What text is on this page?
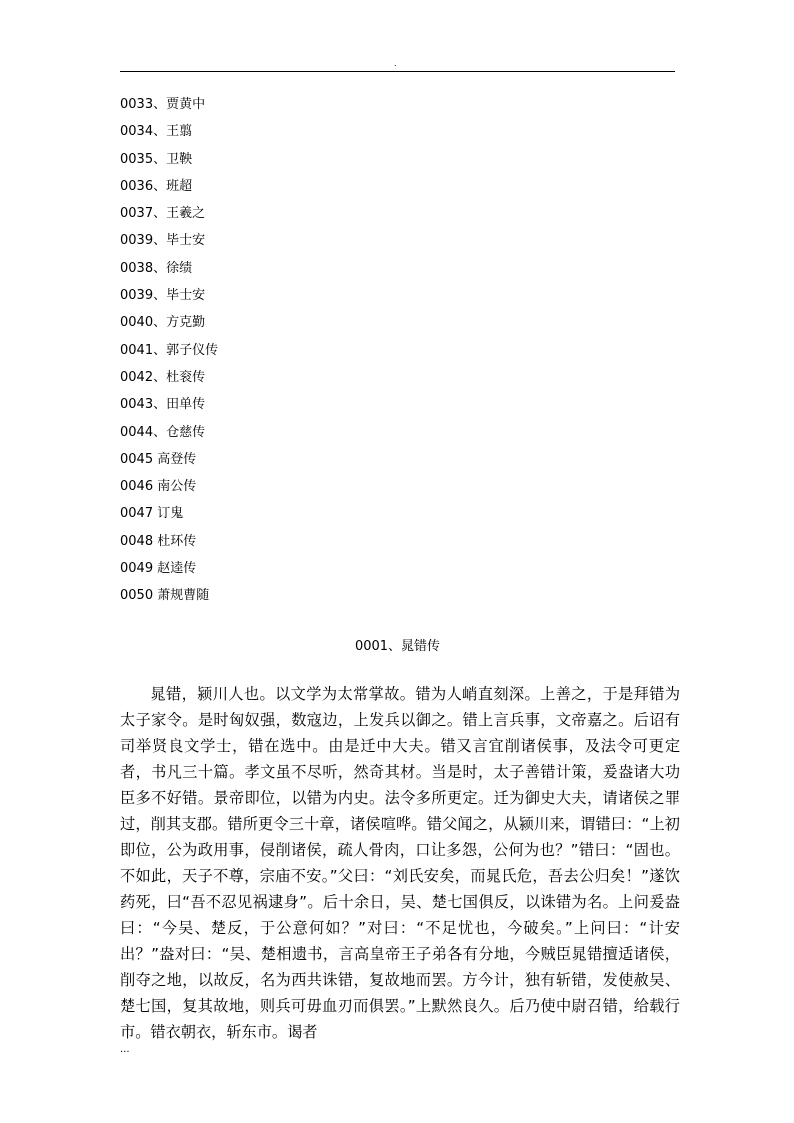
.
0033、贾黄中
0034、王翦
0035、卫鞅
0036、班超
0037、王羲之
0039、毕士安
0038、徐绩
0039、毕士安
0040、方克勤
0041、郭子仪传
0042、杜衮传
0043、田单传
0044、仓慈传
0045 高登传
0046 南公传
0047 订鬼
0048 杜环传
0049 赵逵传
0050 萧规曹随
0001、晁错传

晁错，颍川人也。以文学为太常掌故。错为人峭直刻深。上善之，于是拜错为太子家令。是时匈奴强，数寇边，上发兵以御之。错上言兵事，文帝嘉之。后诏有司举贤良文学士，错在选中。由是迁中大夫。错又言宜削诸侯事，及法令可更定者，书凡三十篇。孝文虽不尽听，然奇其材。当是时，太子善错计策，爰盎诸大功臣多不好错。景帝即位，以错为内史。法令多所更定。迁为御史大夫，请诸侯之罪过，削其支郡。错所更令三十章，诸侯喧哗。错父闻之，从颍川来，谓错曰：“上初即位，公为政用事，侵削诸侯，疏人骨肉，口让多怨，公何为也？”错曰：“固也。不如此，天子不尊，宗庙不安。”父曰：“刘氏安矣，而晁氏危，吾去公归矣！”遂饮药死，曰“吾不忍见祸逮身”。后十余日，吴、楚七国俱反，以诛错为名。上问爰盎曰：“今吴、楚反，于公意何如？”对曰：“不足忧也，今破矣。”上问曰：“计安出？”盎对曰：“吴、楚相遗书，言高皇帝王子弟各有分地，今贼臣晁错擅适诸侯，削夺之地，以故反，名为西共诛错，复故地而罢。方今计，独有斩错，发使赦吴、楚七国，复其故地，则兵可毋血刃而俱罢。”上默然良久。后乃使中尉召错，给载行市。错衣朝衣，斩东市。谒者

...
